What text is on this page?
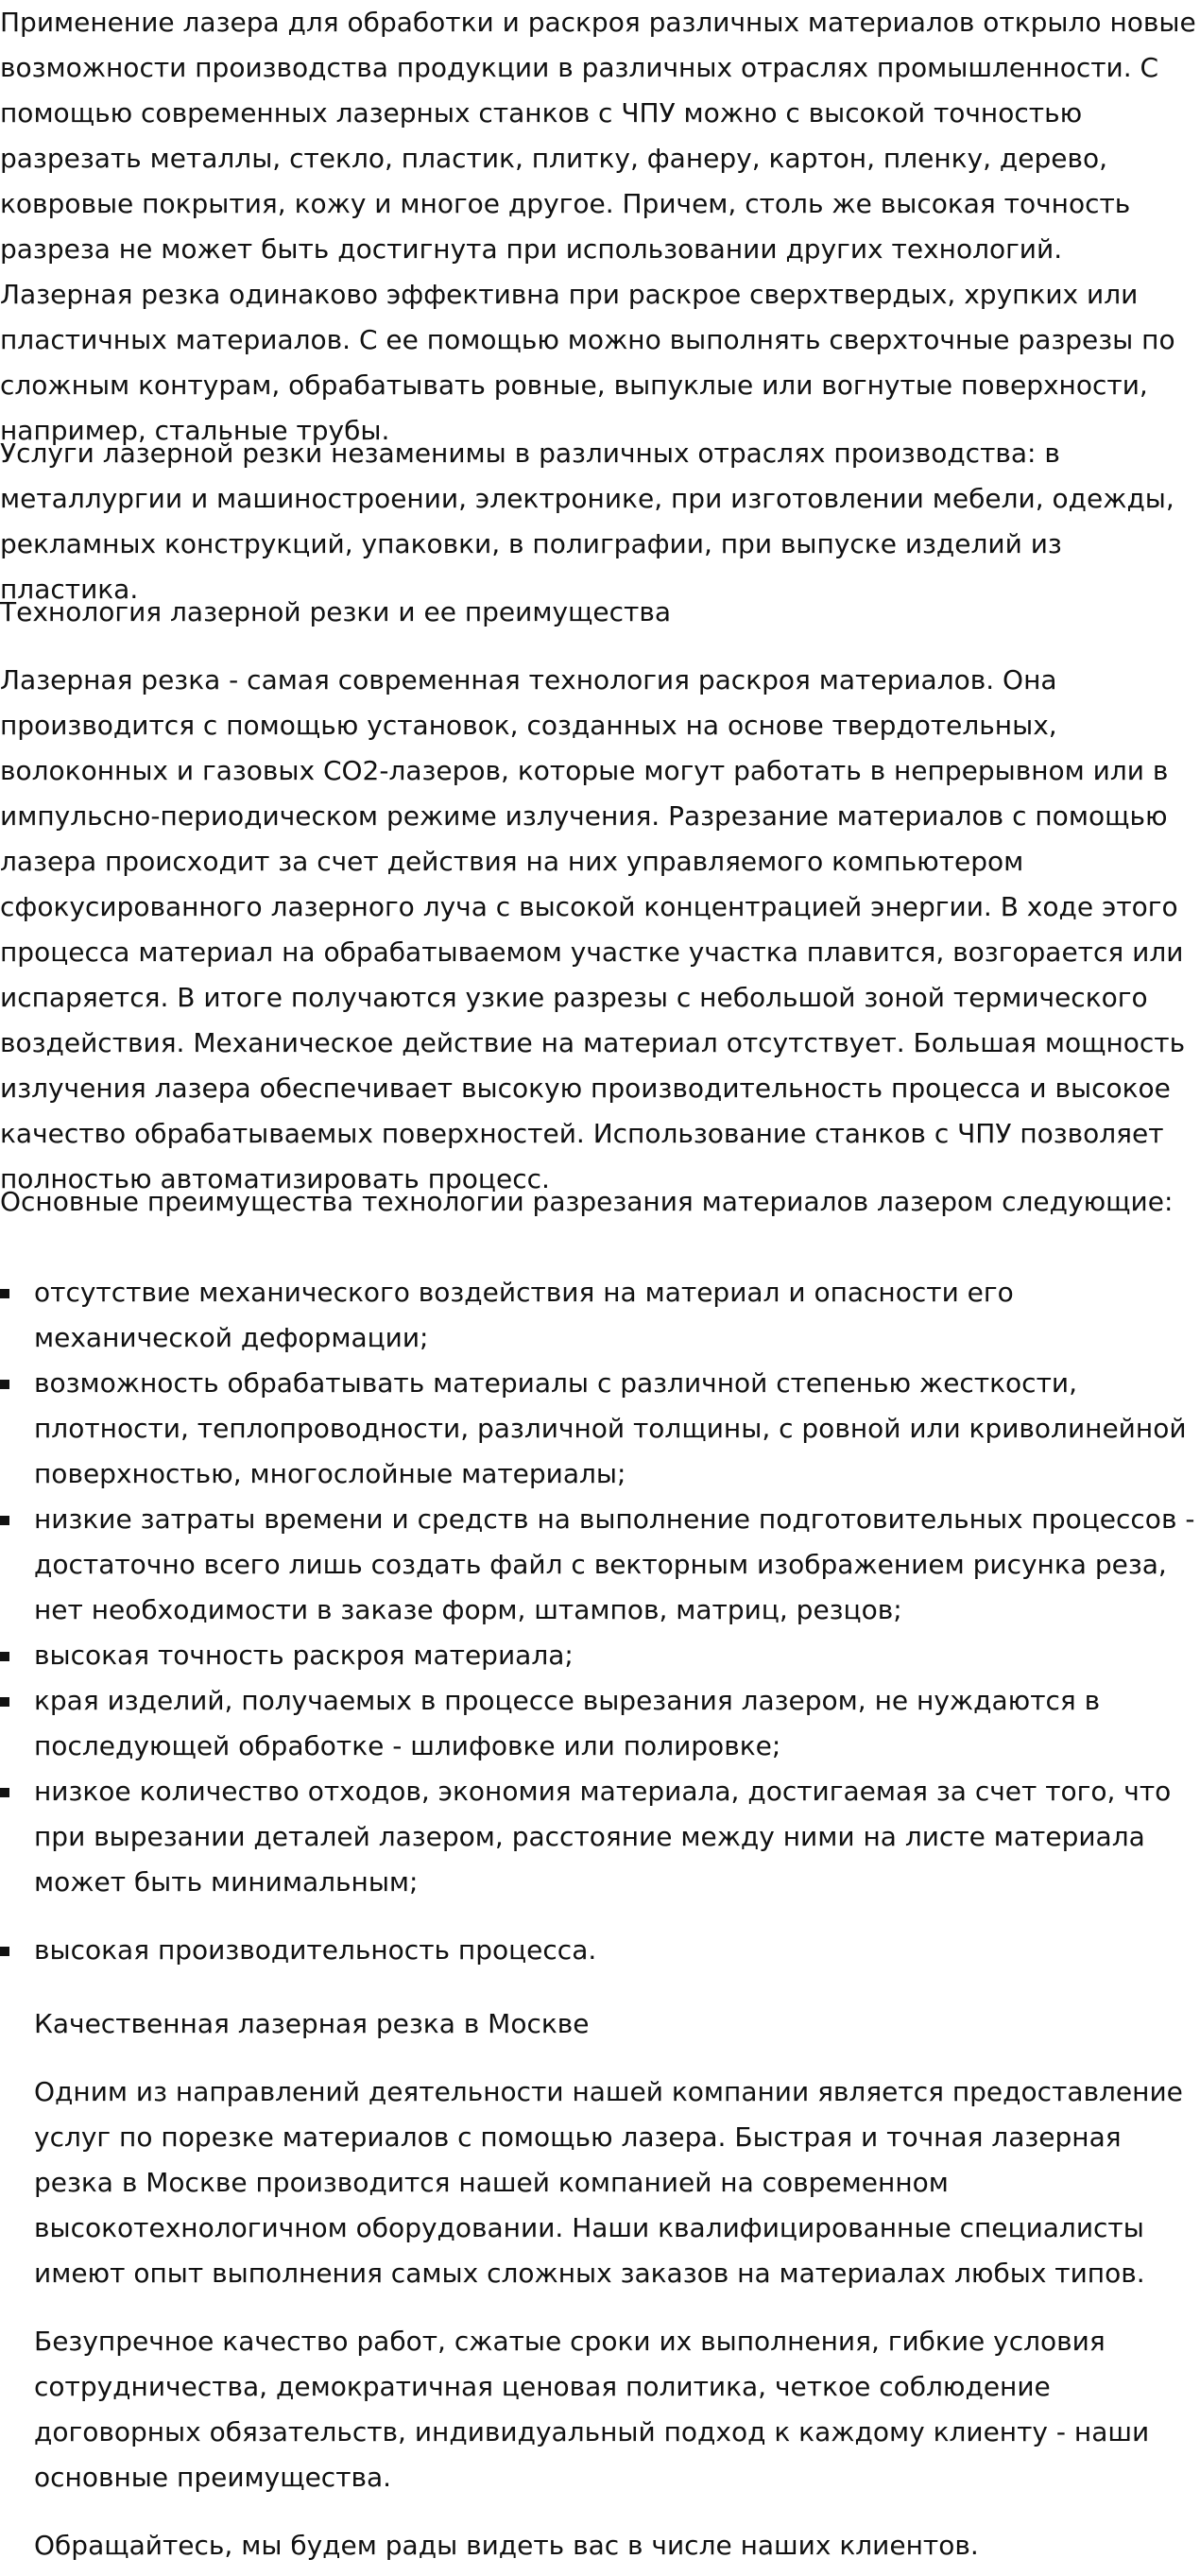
Применение лазера для обработки и раскроя различных материалов открыло новые возможности производства продукции в различных отраслях промышленности. С помощью современных лазерных станков с ЧПУ можно с высокой точностью разрезать металлы, стекло, пластик, плитку, фанеру, картон, пленку, дерево, ковровые покрытия, кожу и многое другое. Причем, столь же высокая точность разреза не может быть достигнута при использовании других технологий. Лазерная резка одинаково эффективна при раскрое сверхтвердых, хрупких или пластичных материалов. С ее помощью можно выполнять сверхточные разрезы по сложным контурам, обрабатывать ровные, выпуклые или вогнутые поверхности, например, стальные трубы.

Услуги лазерной резки незаменимы в различных отраслях производства: в металлургии и машиностроении, электронике, при изготовлении мебели, одежды, рекламных конструкций, упаковки, в полиграфии, при выпуске изделий из пластика.

Технология лазерной резки и ее преимущества

Лазерная резка - самая современная технология раскроя материалов. Она производится с помощью установок, созданных на основе твердотельных, волоконных и газовых CO2-лазеров, которые могут работать в непрерывном или в импульсно-периодическом режиме излучения. Разрезание материалов с помощью лазера происходит за счет действия на них управляемого компьютером сфокусированного лазерного луча с высокой концентрацией энергии. В ходе этого процесса материал на обрабатываемом участке участка плавится, возгорается или испаряется. В итоге получаются узкие разрезы с небольшой зоной термического воздействия. Механическое действие на материал отсутствует. Большая мощность излучения лазера обеспечивает высокую производительность процесса и высокое качество обрабатываемых поверхностей. Использование станков с ЧПУ позволяет полностью автоматизировать процесс.

Основные преимущества технологии разрезания материалов лазером следующие:

отсутствие механического воздействия на материал и опасности его механической деформации;
возможность обрабатывать материалы с различной степенью жесткости, плотности, теплопроводности, различной толщины, с ровной или криволинейной поверхностью, многослойные материалы;
низкие затраты времени и средств на выполнение подготовительных процессов - достаточно всего лишь создать файл с векторным изображением рисунка реза, нет необходимости в заказе форм, штампов, матриц, резцов;
высокая точность раскроя материала;
края изделий, получаемых в процессе вырезания лазером, не нуждаются в последующей обработке - шлифовке или полировке;
низкое количество отходов, экономия материала, достигаемая за счет того, что при вырезании деталей лазером, расстояние между ними на листе материала может быть минимальным;
высокая производительность процесса.

Качественная лазерная резка в Москве

Одним из направлений деятельности нашей компании является предоставление услуг по порезке материалов с помощью лазера. Быстрая и точная лазерная резка в Москве производится нашей компанией на современном высокотехнологичном оборудовании. Наши квалифицированные специалисты имеют опыт выполнения самых сложных заказов на материалах любых типов.

Безупречное качество работ, сжатые сроки их выполнения, гибкие условия сотрудничества, демократичная ценовая политика, четкое соблюдение договорных обязательств, индивидуальный подход к каждому клиенту - наши основные преимущества.

Обращайтесь, мы будем рады видеть вас в числе наших клиентов.
